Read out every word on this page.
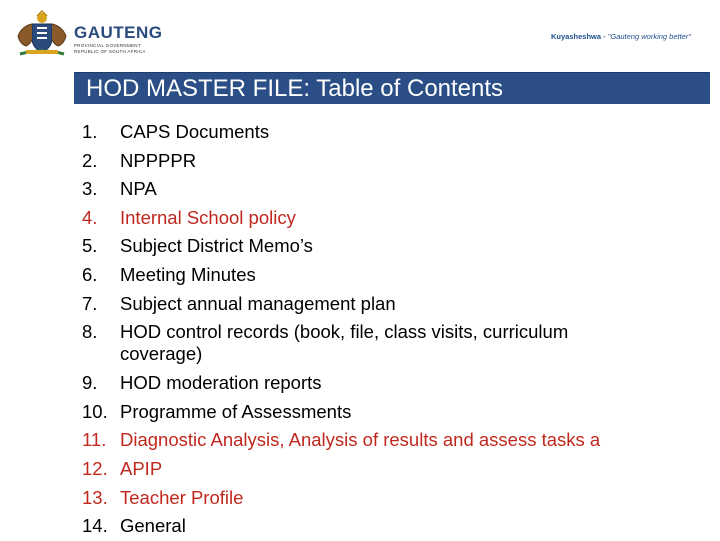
GAUTENG
PROVINCIAL GOVERNMENT
REPUBLIC OF SOUTH AFRICA
Kuyasheshwa - "Gauteng working better"
HOD MASTER FILE: Table of Contents
1.	CAPS Documents
2.	NPPPPR
3.	NPA
4.	Internal School policy
5.	Subject District Memo’s
6.	Meeting Minutes
7.	Subject annual management plan
8.	HOD control records (book, file, class visits, curriculum
coverage)
9.	HOD moderation reports
10. Programme of Assessments
11. Diagnostic Analysis, Analysis of results and assess tasks a
12. APIP
13. Teacher Profile
14. General
